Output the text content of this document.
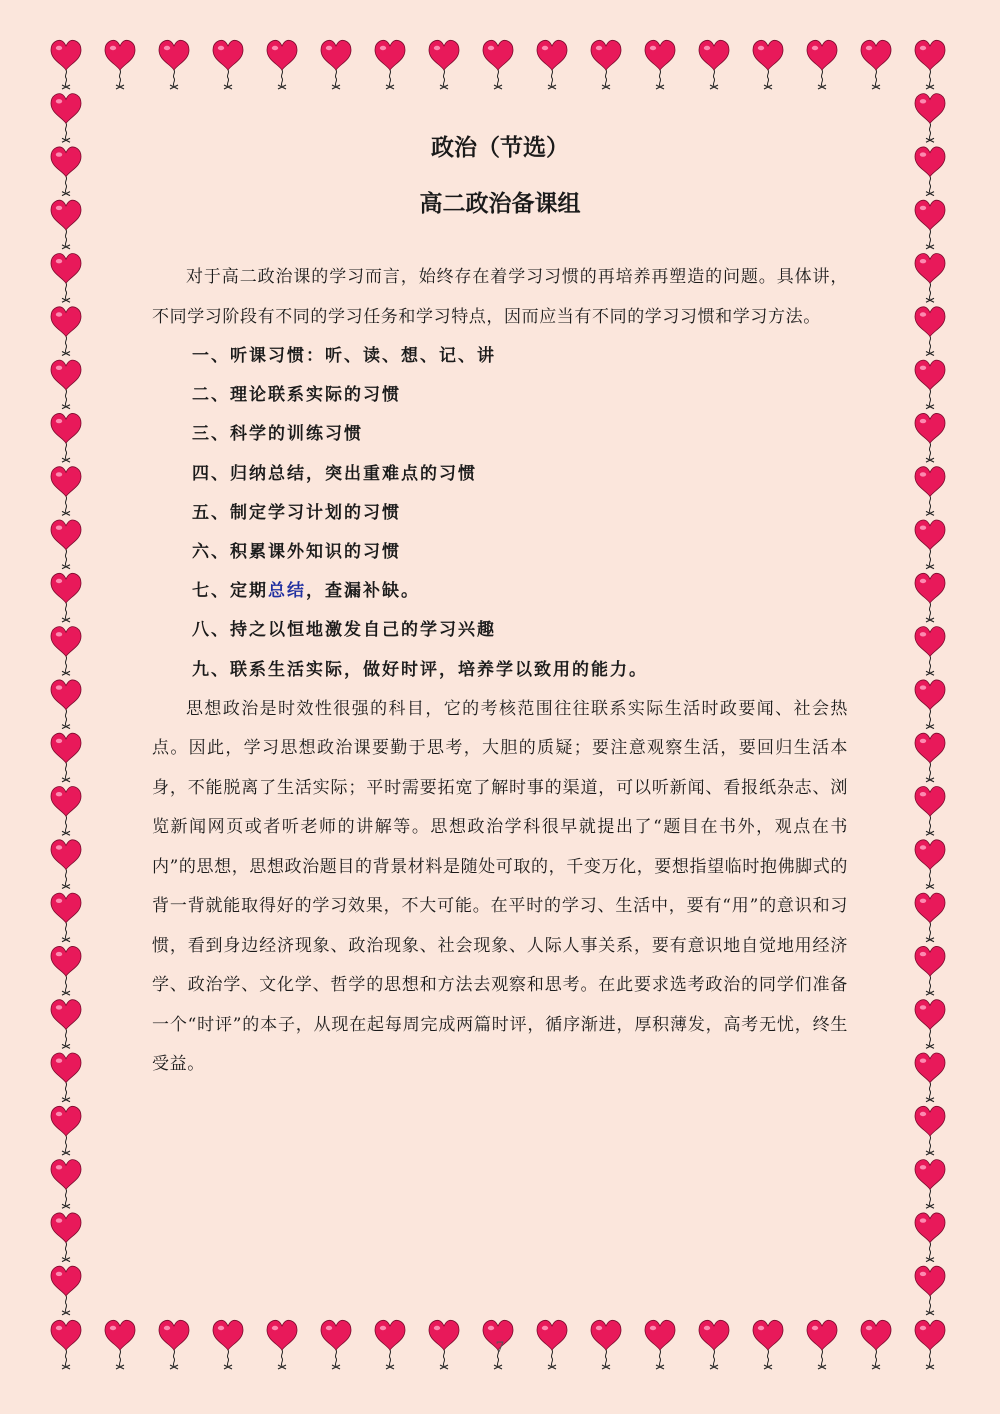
政治（节选）
高二政治备课组

对于高二政治课的学习而言，始终存在着学习习惯的再培养再塑造的问题。具体讲，不同学习阶段有不同的学习任务和学习特点，因而应当有不同的学习习惯和学习方法。

一、听课习惯：听、读、想、记、讲
二、理论联系实际的习惯
三、科学的训练习惯
四、归纳总结，突出重难点的习惯
五、制定学习计划的习惯
六、积累课外知识的习惯
七、定期总结，查漏补缺。
八、持之以恒地激发自己的学习兴趣
九、联系生活实际，做好时评，培养学以致用的能力。

思想政治是时效性很强的科目，它的考核范围往往联系实际生活时政要闻、社会热点。因此，学习思想政治课要勤于思考，大胆的质疑；要注意观察生活，要回归生活本身，不能脱离了生活实际；平时需要拓宽了解时事的渠道，可以听新闻、看报纸杂志、浏览新闻网页或者听老师的讲解等。思想政治学科很早就提出了“题目在书外，观点在书内”的思想，思想政治题目的背景材料是随处可取的，千变万化，要想指望临时抱佛脚式的背一背就能取得好的学习效果，不大可能。在平时的学习、生活中，要有“用”的意识和习惯，看到身边经济现象、政治现象、社会现象、人际人事关系，要有意识地自觉地用经济学、政治学、文化学、哲学的思想和方法去观察和思考。在此要求选考政治的同学们准备一个“时评”的本子，从现在起每周完成两篇时评，循序渐进，厚积薄发，高考无忧，终生受益。

7
